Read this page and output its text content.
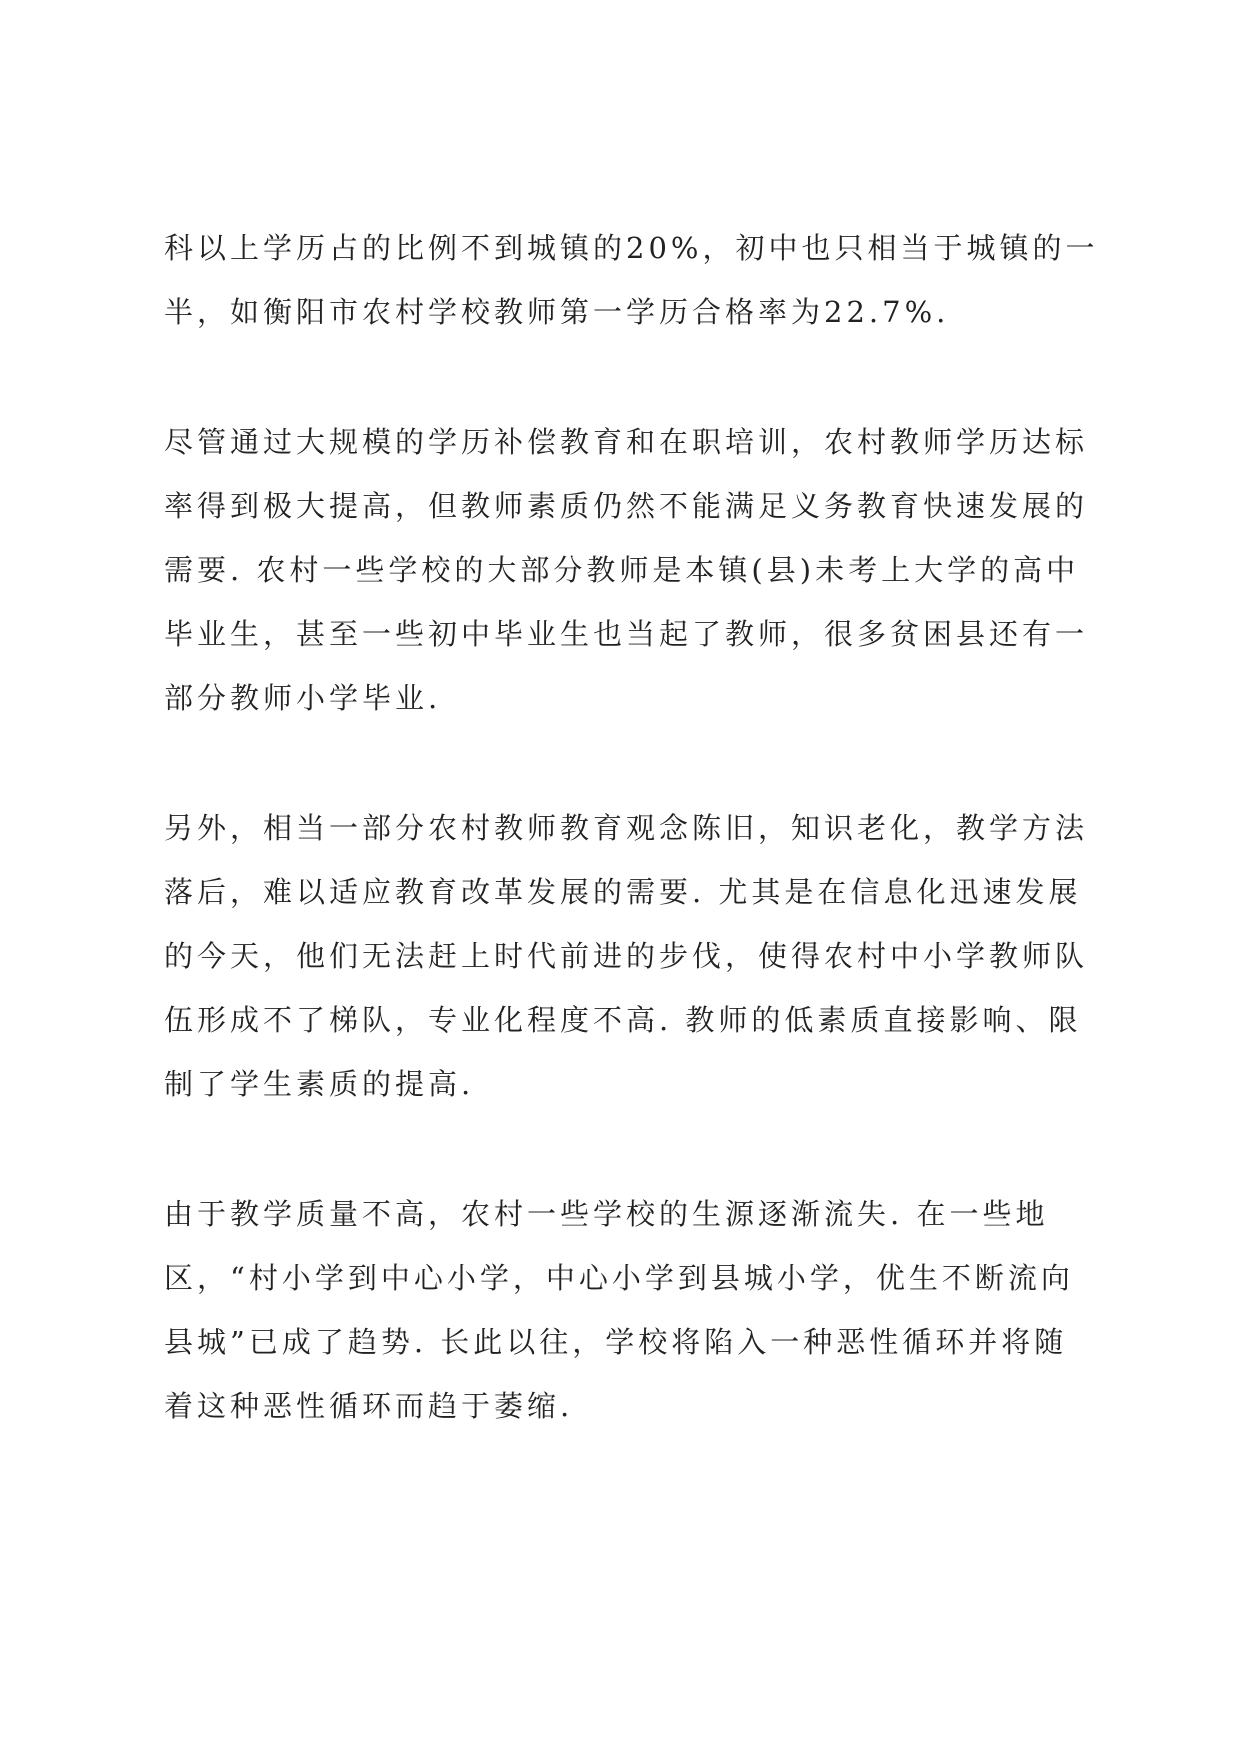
科以上学历占的比例不到城镇的20%，初中也只相当于城镇的一
半，如衡阳市农村学校教师第一学历合格率为22.7%.
尽管通过大规模的学历补偿教育和在职培训，农村教师学历达标
率得到极大提高，但教师素质仍然不能满足义务教育快速发展的
需要. 农村一些学校的大部分教师是本镇(县)未考上大学的高中
毕业生，甚至一些初中毕业生也当起了教师，很多贫困县还有一
部分教师小学毕业.
另外，相当一部分农村教师教育观念陈旧，知识老化，教学方法
落后，难以适应教育改革发展的需要. 尤其是在信息化迅速发展
的今天，他们无法赶上时代前进的步伐，使得农村中小学教师队
伍形成不了梯队，专业化程度不高. 教师的低素质直接影响、限
制了学生素质的提高.
由于教学质量不高，农村一些学校的生源逐渐流失. 在一些地
区，“村小学到中心小学，中心小学到县城小学，优生不断流向
县城”已成了趋势. 长此以往，学校将陷入一种恶性循环并将随
着这种恶性循环而趋于萎缩.
